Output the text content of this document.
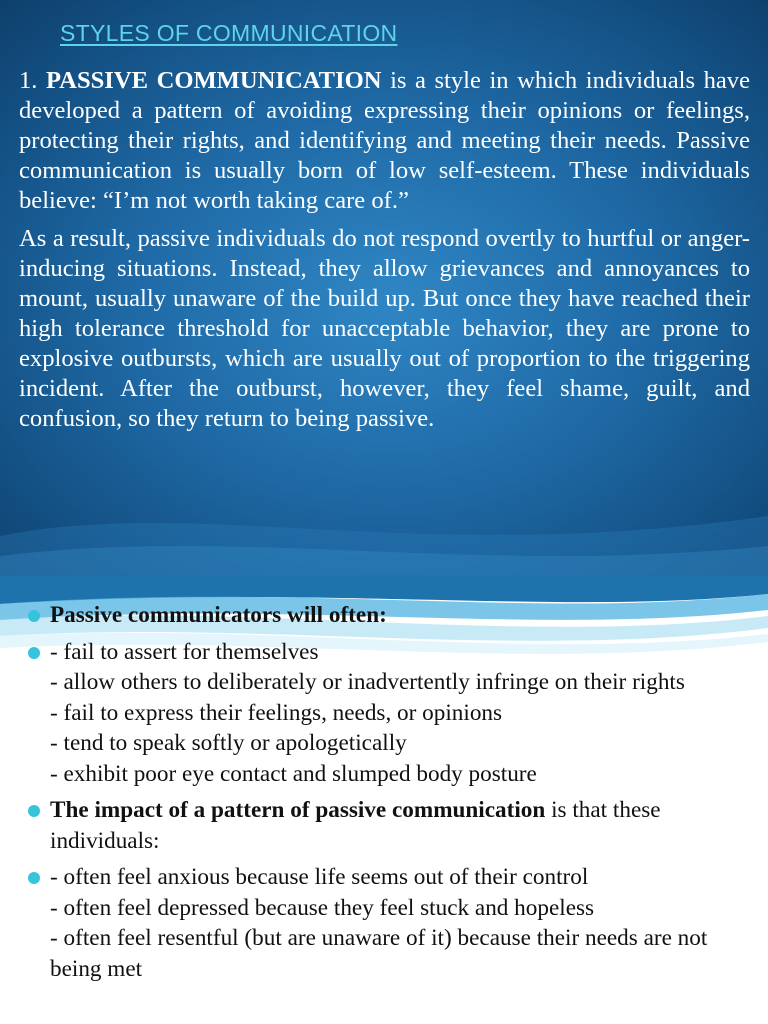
STYLES OF COMMUNICATION

1. PASSIVE COMMUNICATION is a style in which individuals have developed a pattern of avoiding expressing their opinions or feelings, protecting their rights, and identifying and meeting their needs. Passive communication is usually born of low self-esteem. These individuals believe: “I’m not worth taking care of.”

As a result, passive individuals do not respond overtly to hurtful or anger-inducing situations. Instead, they allow grievances and annoyances to mount, usually unaware of the build up. But once they have reached their high tolerance threshold for unacceptable behavior, they are prone to explosive outbursts, which are usually out of proportion to the triggering incident. After the outburst, however, they feel shame, guilt, and confusion, so they return to being passive.

Passive communicators will often:
- fail to assert for themselves
- allow others to deliberately or inadvertently infringe on their rights
- fail to express their feelings, needs, or opinions
- tend to speak softly or apologetically
- exhibit poor eye contact and slumped body posture
The impact of a pattern of passive communication is that these individuals:
- often feel anxious because life seems out of their control
- often feel depressed because they feel stuck and hopeless
- often feel resentful (but are unaware of it) because their needs are not being met
